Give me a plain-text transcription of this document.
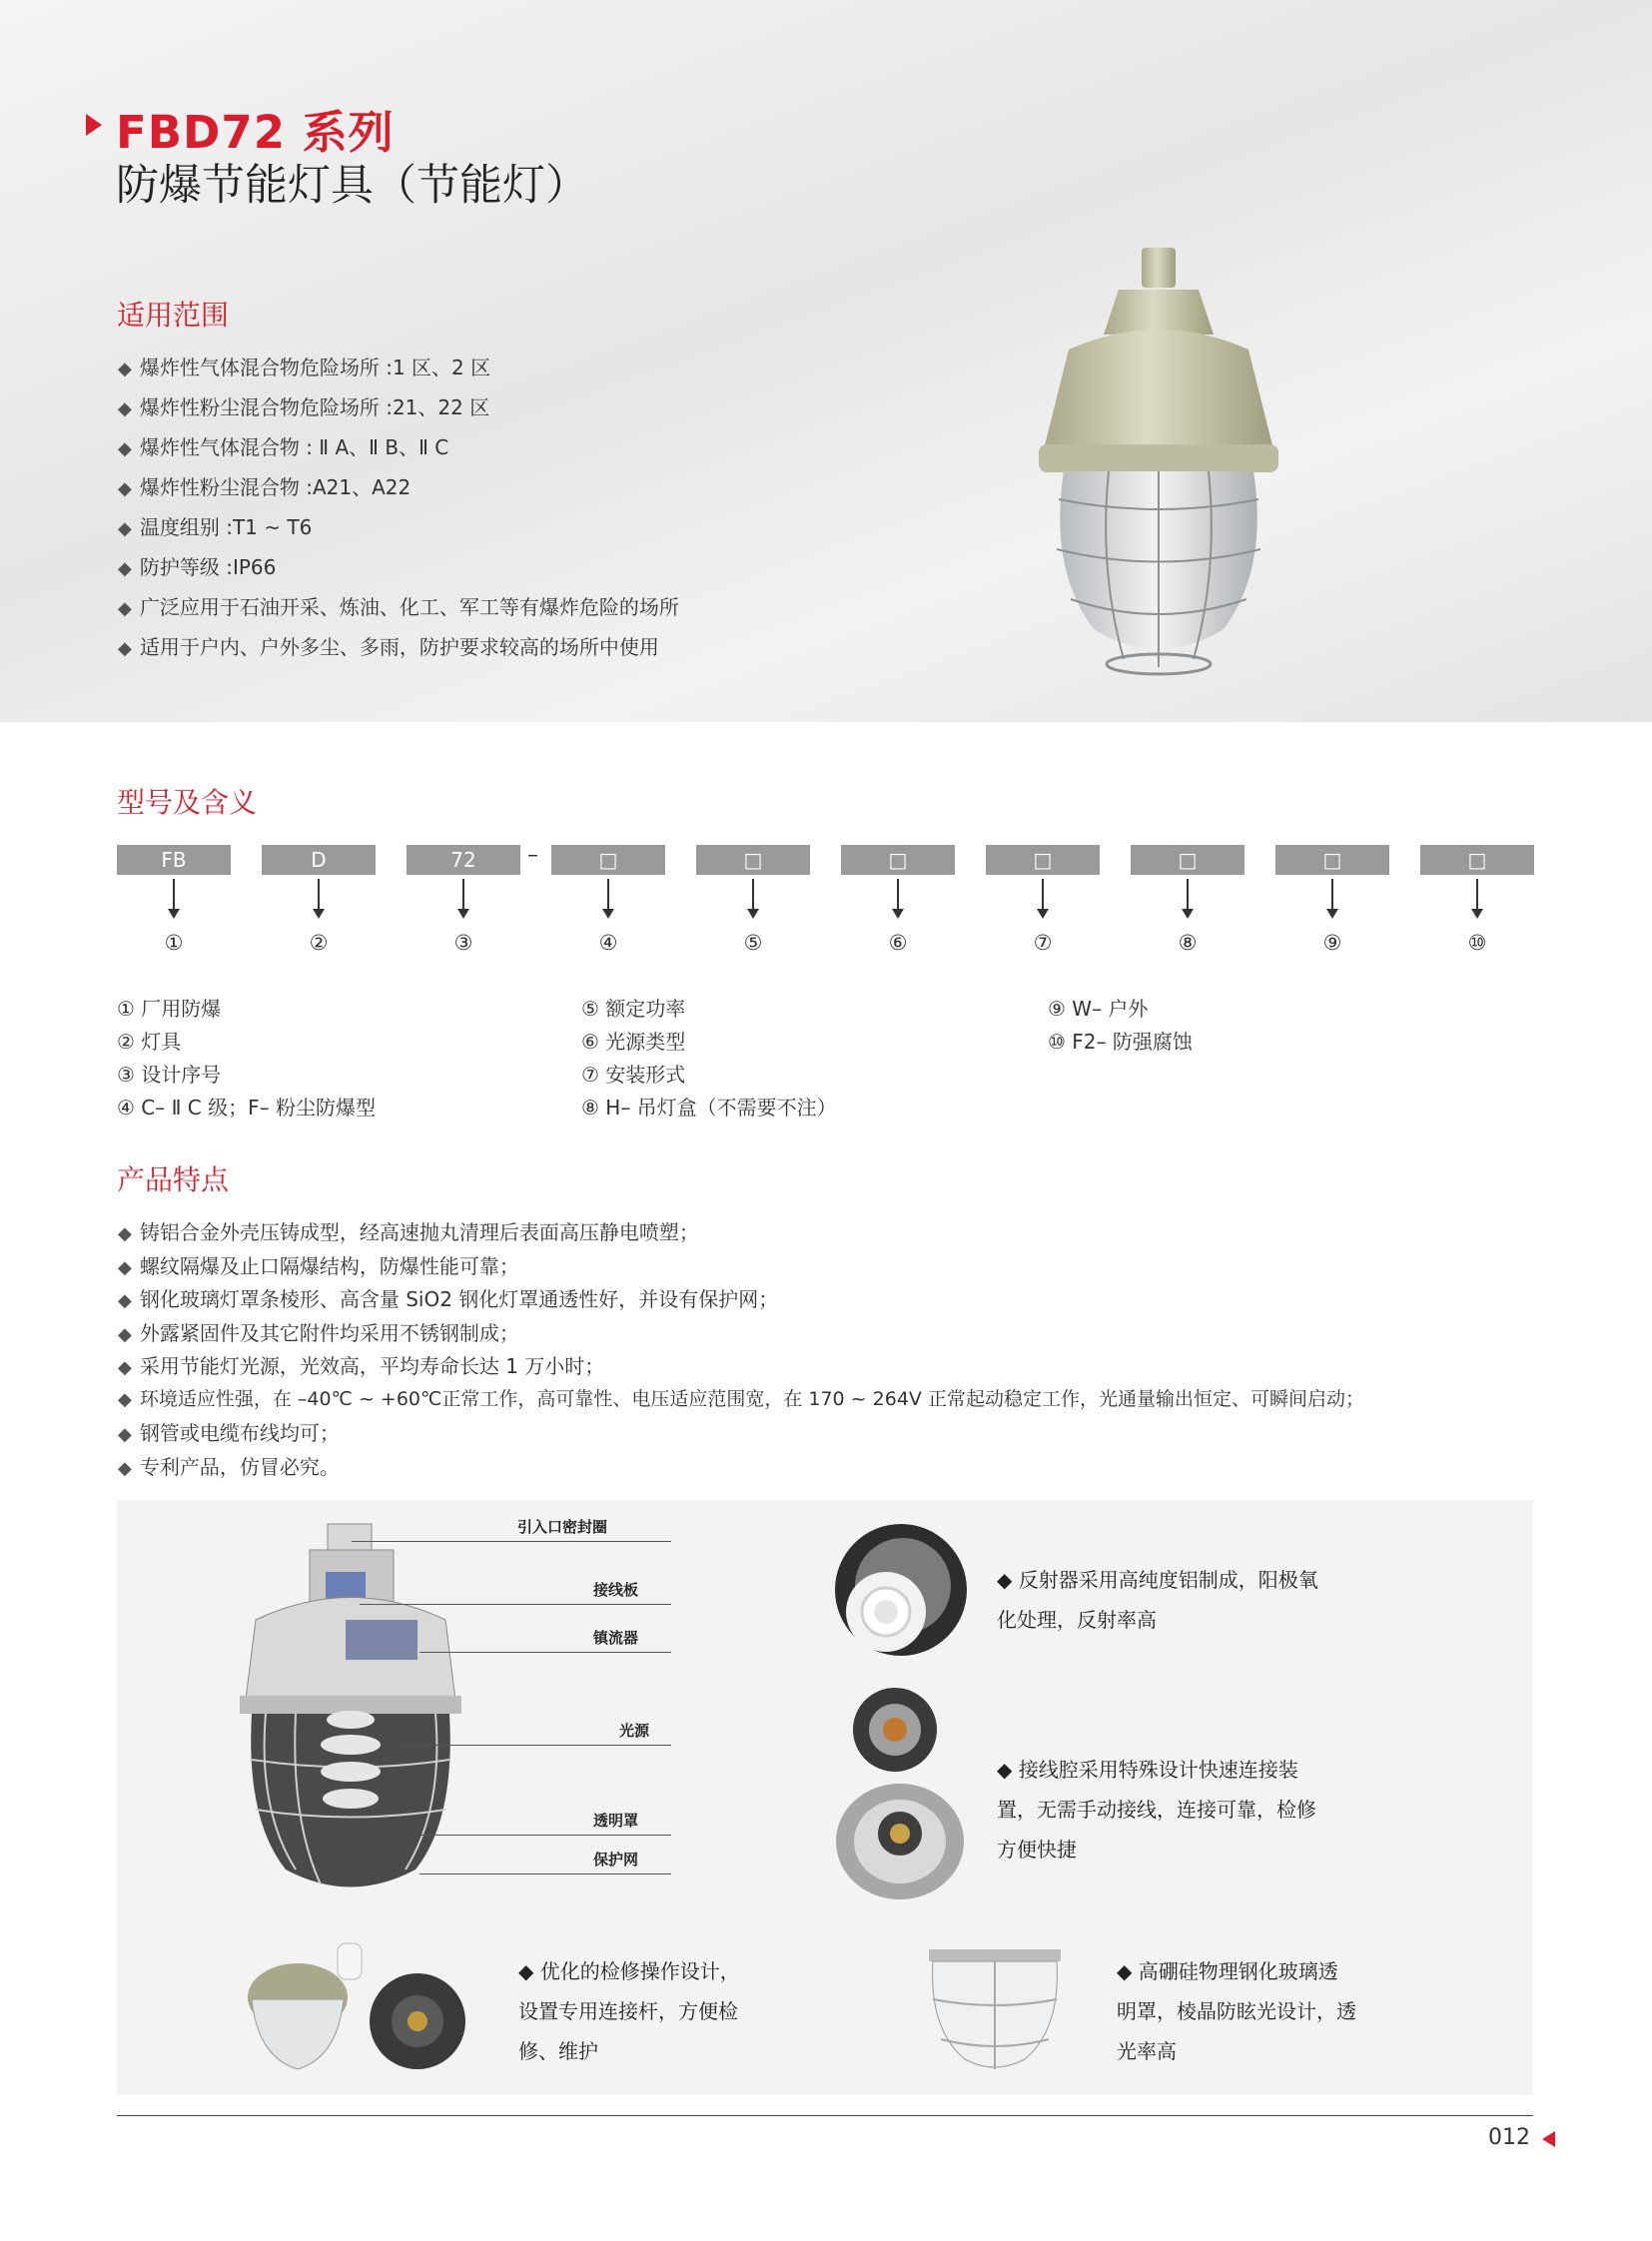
FBD72 系列
防爆节能灯具（节能灯）
适用范围
◆ 爆炸性气体混合物危险场所 :1 区、2 区
◆ 爆炸性粉尘混合物危险场所 :21、22 区
◆ 爆炸性气体混合物 : Ⅱ A、Ⅱ B、Ⅱ C
◆ 爆炸性粉尘混合物 :A21、A22
◆ 温度组别 :T1 ~ T6
◆ 防护等级 :IP66
◆ 广泛应用于石油开采、炼油、化工、军工等有爆炸危险的场所
◆ 适用于户内、户外多尘、多雨，防护要求较高的场所中使用
型号及含义
FB	D	72	–	□	□	□	□	□	□	□
①	②	③	④	⑤	⑥	⑦	⑧	⑨	⑩
① 厂用防爆
② 灯具
③ 设计序号
④ C– Ⅱ C 级；F– 粉尘防爆型
⑤ 额定功率
⑥ 光源类型
⑦ 安装形式
⑧ H– 吊灯盒（不需要不注）
⑨ W– 户外
⑩ F2– 防强腐蚀
产品特点
◆ 铸铝合金外壳压铸成型，经高速抛丸清理后表面高压静电喷塑；
◆ 螺纹隔爆及止口隔爆结构，防爆性能可靠；
◆ 钢化玻璃灯罩条棱形、高含量 SiO2 钢化灯罩通透性好，并设有保护网；
◆ 外露紧固件及其它附件均采用不锈钢制成；
◆ 采用节能灯光源，光效高，平均寿命长达 1 万小时；
◆ 环境适应性强，在 –40℃ ~ +60℃正常工作，高可靠性、电压适应范围宽，在 170 ~ 264V 正常起动稳定工作，光通量输出恒定、可瞬间启动；
◆ 钢管或电缆布线均可；
◆ 专利产品，仿冒必究。
引入口密封圈
接线板
镇流器
光源
透明罩
保护网
◆ 反射器采用高纯度铝制成，阳极氧
化处理，反射率高
◆ 接线腔采用特殊设计快速连接装
置，无需手动接线，连接可靠，检修
方便快捷
◆ 优化的检修操作设计，
设置专用连接杆，方便检
修、维护
◆ 高硼硅物理钢化玻璃透
明罩，棱晶防眩光设计，透
光率高
012
